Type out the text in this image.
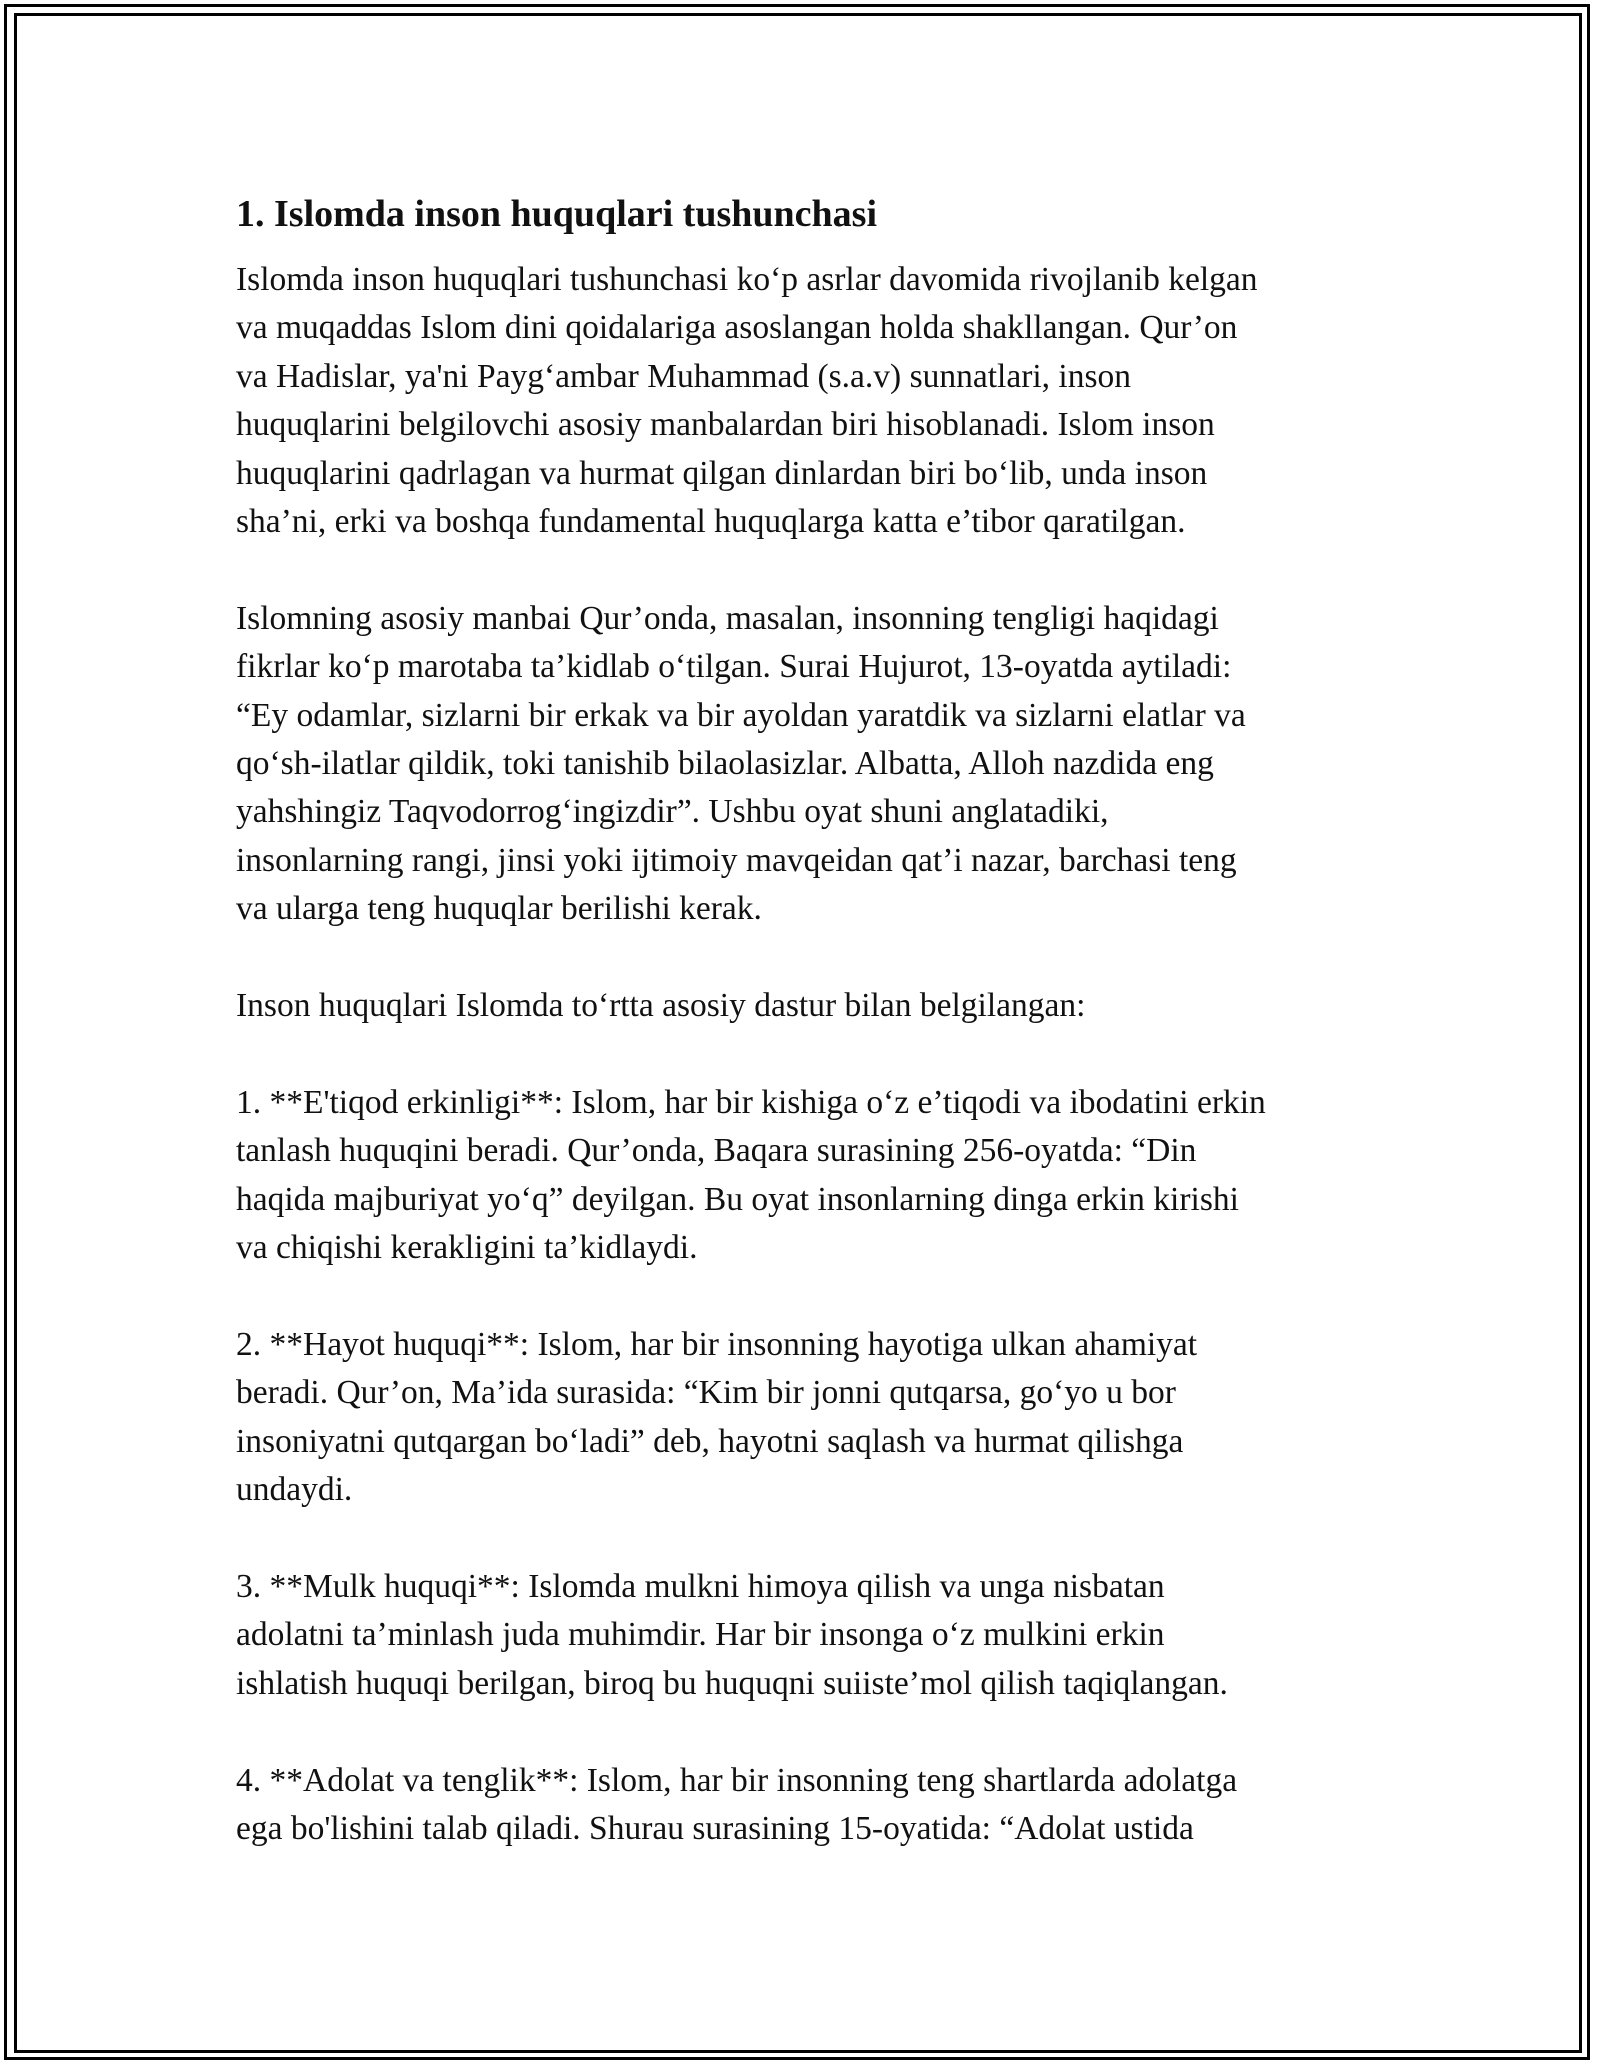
1. Islomda inson huquqlari tushunchasi
Islomda inson huquqlari tushunchasi ko‘p asrlar davomida rivojlanib kelgan
va muqaddas Islom dini qoidalariga asoslangan holda shakllangan. Qur’on
va Hadislar, ya'ni Payg‘ambar Muhammad (s.a.v) sunnatlari, inson
huquqlarini belgilovchi asosiy manbalardan biri hisoblanadi. Islom inson
huquqlarini qadrlagan va hurmat qilgan dinlardan biri bo‘lib, unda inson
sha’ni, erki va boshqa fundamental huquqlarga katta e’tibor qaratilgan.
Islomning asosiy manbai Qur’onda, masalan, insonning tengligi haqidagi
fikrlar ko‘p marotaba ta’kidlab o‘tilgan. Surai Hujurot, 13-oyatda aytiladi:
“Ey odamlar, sizlarni bir erkak va bir ayoldan yaratdik va sizlarni elatlar va
qo‘sh-ilatlar qildik, toki tanishib bilaolasizlar. Albatta, Alloh nazdida eng
yahshingiz Taqvodorrog‘ingizdir”. Ushbu oyat shuni anglatadiki,
insonlarning rangi, jinsi yoki ijtimoiy mavqeidan qat’i nazar, barchasi teng
va ularga teng huquqlar berilishi kerak.
Inson huquqlari Islomda to‘rtta asosiy dastur bilan belgilangan:
1. **E'tiqod erkinligi**: Islom, har bir kishiga o‘z e’tiqodi va ibodatini erkin
tanlash huquqini beradi. Qur’onda, Baqara surasining 256-oyatda: “Din
haqida majburiyat yo‘q” deyilgan. Bu oyat insonlarning dinga erkin kirishi
va chiqishi kerakligini ta’kidlaydi.
2. **Hayot huquqi**: Islom, har bir insonning hayotiga ulkan ahamiyat
beradi. Qur’on, Ma’ida surasida: “Kim bir jonni qutqarsa, go‘yo u bor
insoniyatni qutqargan bo‘ladi” deb, hayotni saqlash va hurmat qilishga
undaydi.
3. **Mulk huquqi**: Islomda mulkni himoya qilish va unga nisbatan
adolatni ta’minlash juda muhimdir. Har bir insonga o‘z mulkini erkin
ishlatish huquqi berilgan, biroq bu huquqni suiiste’mol qilish taqiqlangan.
4. **Adolat va tenglik**: Islom, har bir insonning teng shartlarda adolatga
ega bo'lishini talab qiladi. Shurau surasining 15-oyatida: “Adolat ustida
